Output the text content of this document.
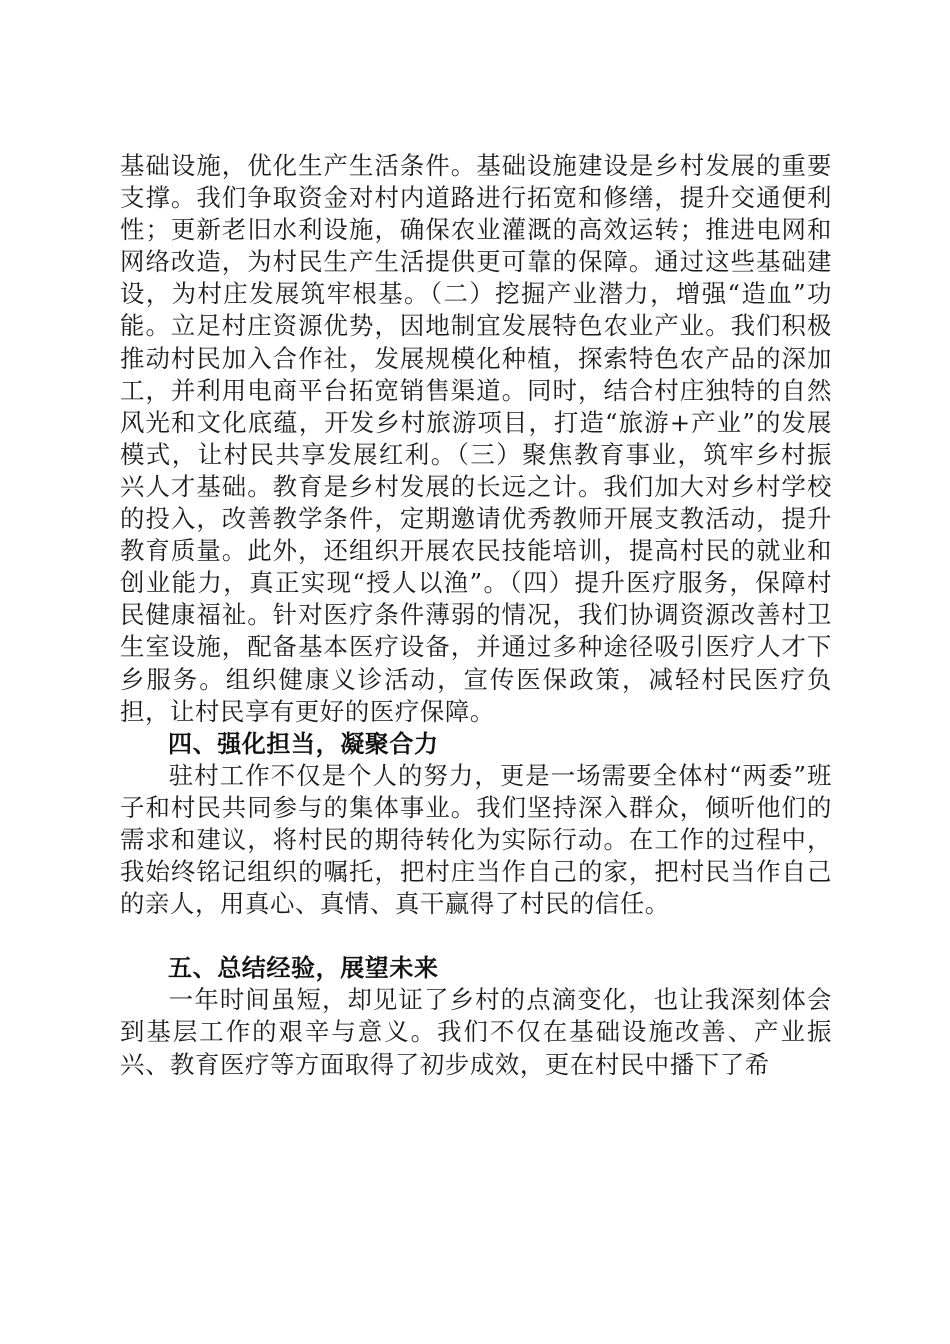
基础设施，优化生产生活条件。基础设施建设是乡村发展的重要支撑。我们争取资金对村内道路进行拓宽和修缮，提升交通便利性；更新老旧水利设施，确保农业灌溉的高效运转；推进电网和网络改造，为村民生产生活提供更可靠的保障。通过这些基础建设，为村庄发展筑牢根基。（二）挖掘产业潜力，增强“造血”功能。立足村庄资源优势，因地制宜发展特色农业产业。我们积极推动村民加入合作社，发展规模化种植，探索特色农产品的深加工，并利用电商平台拓宽销售渠道。同时，结合村庄独特的自然风光和文化底蕴，开发乡村旅游项目，打造“旅游+产业”的发展模式，让村民共享发展红利。（三）聚焦教育事业，筑牢乡村振兴人才基础。教育是乡村发展的长远之计。我们加大对乡村学校的投入，改善教学条件，定期邀请优秀教师开展支教活动，提升教育质量。此外，还组织开展农民技能培训，提高村民的就业和创业能力，真正实现“授人以渔”。（四）提升医疗服务，保障村民健康福祉。针对医疗条件薄弱的情况，我们协调资源改善村卫生室设施，配备基本医疗设备，并通过多种途径吸引医疗人才下乡服务。组织健康义诊活动，宣传医保政策，减轻村民医疗负担，让村民享有更好的医疗保障。

四、强化担当，凝聚合力

驻村工作不仅是个人的努力，更是一场需要全体村“两委”班子和村民共同参与的集体事业。我们坚持深入群众，倾听他们的需求和建议，将村民的期待转化为实际行动。在工作的过程中，我始终铭记组织的嘱托，把村庄当作自己的家，把村民当作自己的亲人，用真心、真情、真干赢得了村民的信任。

五、总结经验，展望未来

一年时间虽短，却见证了乡村的点滴变化，也让我深刻体会到基层工作的艰辛与意义。我们不仅在基础设施改善、产业振兴、教育医疗等方面取得了初步成效，更在村民中播下了希
